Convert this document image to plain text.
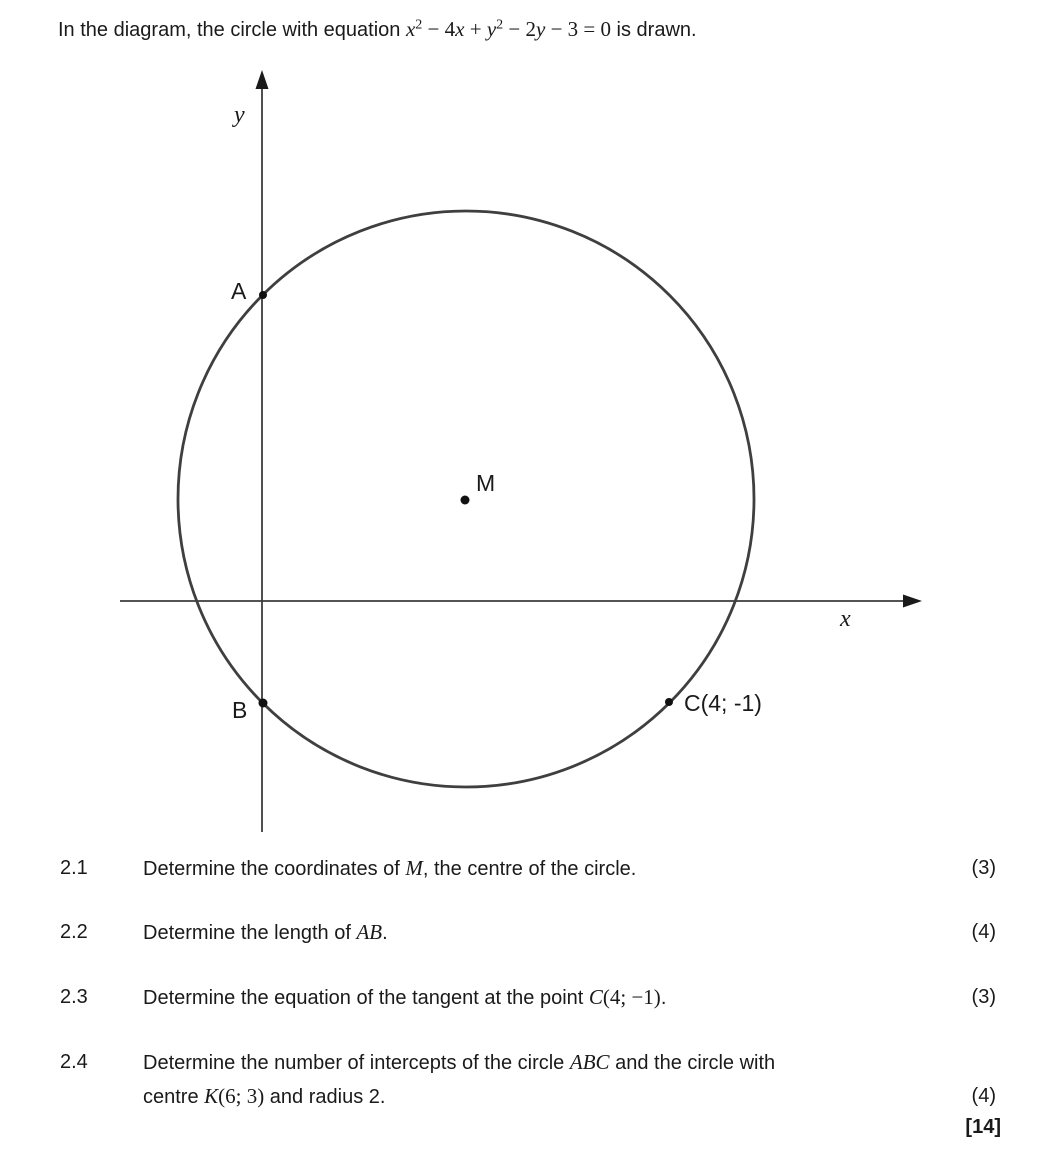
In the diagram, the circle with equation $x^2 - 4x + y^2 - 2y - 3 = 0$ is drawn.
y
x
A
M
B	C(4; -1)
2.1	Determine the coordinates of M, the centre of the circle.	(3)
2.2	Determine the length of AB.	(4)
2.3	Determine the equation of the tangent at the point C(4; −1).	(3)
2.4	Determine the number of intercepts of the circle ABC and the circle with
centre K(6; 3) and radius 2.	(4)
[14]
